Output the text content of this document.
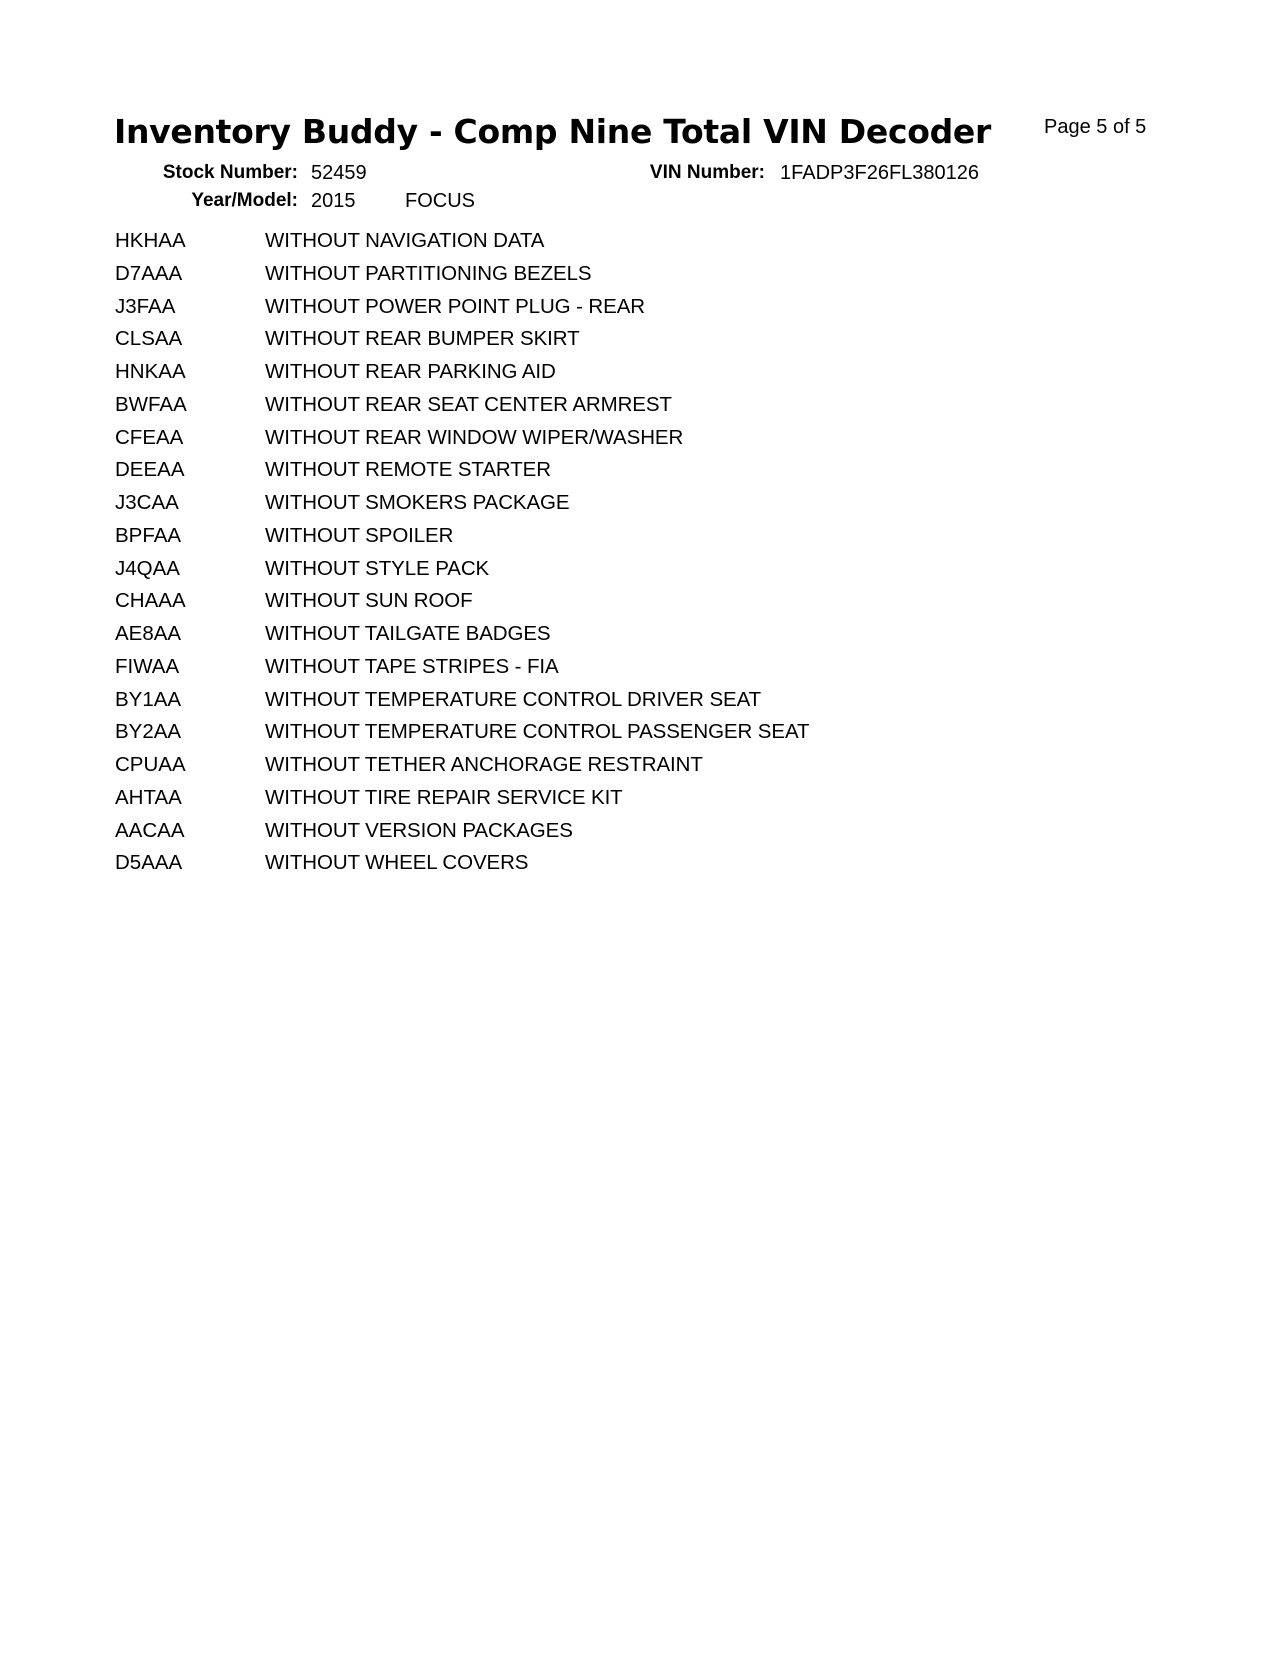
Inventory Buddy - Comp Nine Total VIN Decoder	Page 5 of 5
Stock Number: 52459
Year/Model: 2015 FOCUS
VIN Number: 1FADP3F26FL380126
HKHAA	WITHOUT NAVIGATION DATA
D7AAA	WITHOUT PARTITIONING BEZELS
J3FAA	WITHOUT POWER POINT PLUG - REAR
CLSAA	WITHOUT REAR BUMPER SKIRT
HNKAA	WITHOUT REAR PARKING AID
BWFAA	WITHOUT REAR SEAT CENTER ARMREST
CFEAA	WITHOUT REAR WINDOW WIPER/WASHER
DEEAA	WITHOUT REMOTE STARTER
J3CAA	WITHOUT SMOKERS PACKAGE
BPFAA	WITHOUT SPOILER
J4QAA	WITHOUT STYLE PACK
CHAAA	WITHOUT SUN ROOF
AE8AA	WITHOUT TAILGATE BADGES
FIWAA	WITHOUT TAPE STRIPES - FIA
BY1AA	WITHOUT TEMPERATURE CONTROL DRIVER SEAT
BY2AA	WITHOUT TEMPERATURE CONTROL PASSENGER SEAT
CPUAA	WITHOUT TETHER ANCHORAGE RESTRAINT
AHTAA	WITHOUT TIRE REPAIR SERVICE KIT
AACAA	WITHOUT VERSION PACKAGES
D5AAA	WITHOUT WHEEL COVERS
